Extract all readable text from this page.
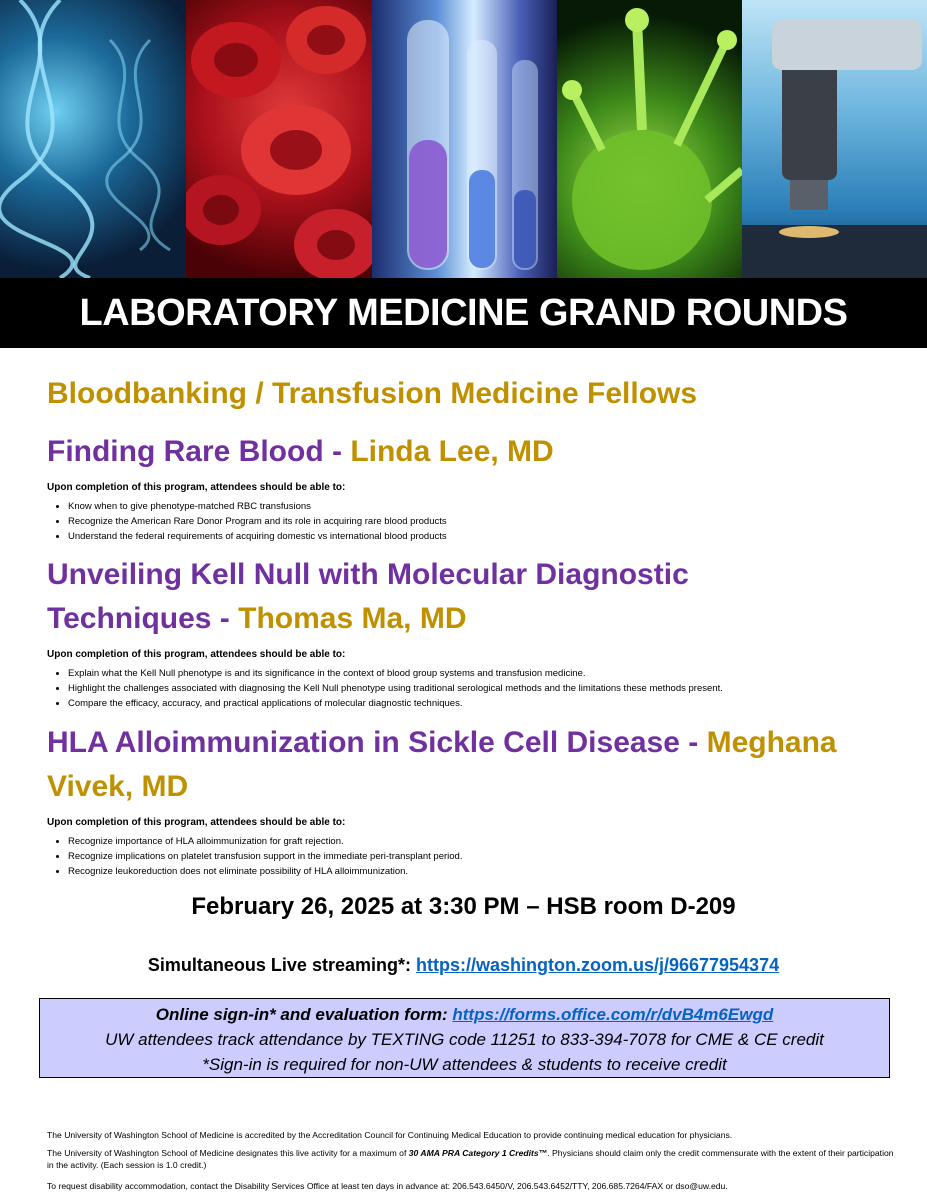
LABORATORY MEDICINE GRAND ROUNDS
Bloodbanking / Transfusion Medicine Fellows
Finding Rare Blood - Linda Lee, MD

Upon completion of this program, attendees should be able to:

• Know when to give phenotype-matched RBC transfusions
• Recognize the American Rare Donor Program and its role in acquiring rare blood products
• Understand the federal requirements of acquiring domestic vs international blood products
Unveiling Kell Null with Molecular Diagnostic
Techniques - Thomas Ma, MD

Upon completion of this program, attendees should be able to:

• Explain what the Kell Null phenotype is and its significance in the context of blood group systems and transfusion medicine.
• Highlight the challenges associated with diagnosing the Kell Null phenotype using traditional serological methods and the limitations these methods present.
• Compare the efficacy, accuracy, and practical applications of molecular diagnostic techniques.
HLA Alloimmunization in Sickle Cell Disease - Meghana
Vivek, MD

Upon completion of this program, attendees should be able to:

• Recognize importance of HLA alloimmunization for graft rejection.
• Recognize implications on platelet transfusion support in the immediate peri-transplant period.
• Recognize leukoreduction does not eliminate possibility of HLA alloimmunization.
February 26, 2025 at 3:30 PM – HSB room D-209
Simultaneous Live streaming*: https://washington.zoom.us/j/96677954374
Online sign-in* and evaluation form: https://forms.office.com/r/dvB4m6Ewgd
UW attendees track attendance by TEXTING code 11251 to 833-394-7078 for CME & CE credit
*Sign-in is required for non-UW attendees & students to receive credit
The University of Washington School of Medicine is accredited by the Accreditation Council for Continuing Medical Education to provide continuing medical education for physicians.
The University of Washington School of Medicine designates this live activity for a maximum of 30 AMA PRA Category 1 Credits™. Physicians should claim only the credit commensurate with the extent of their participation in the activity. (Each session is 1.0 credit.)
To request disability accommodation, contact the Disability Services Office at least ten days in advance at: 206.543.6450/V, 206.543.6452/TTY, 206.685.7264/FAX or dso@uw.edu.
